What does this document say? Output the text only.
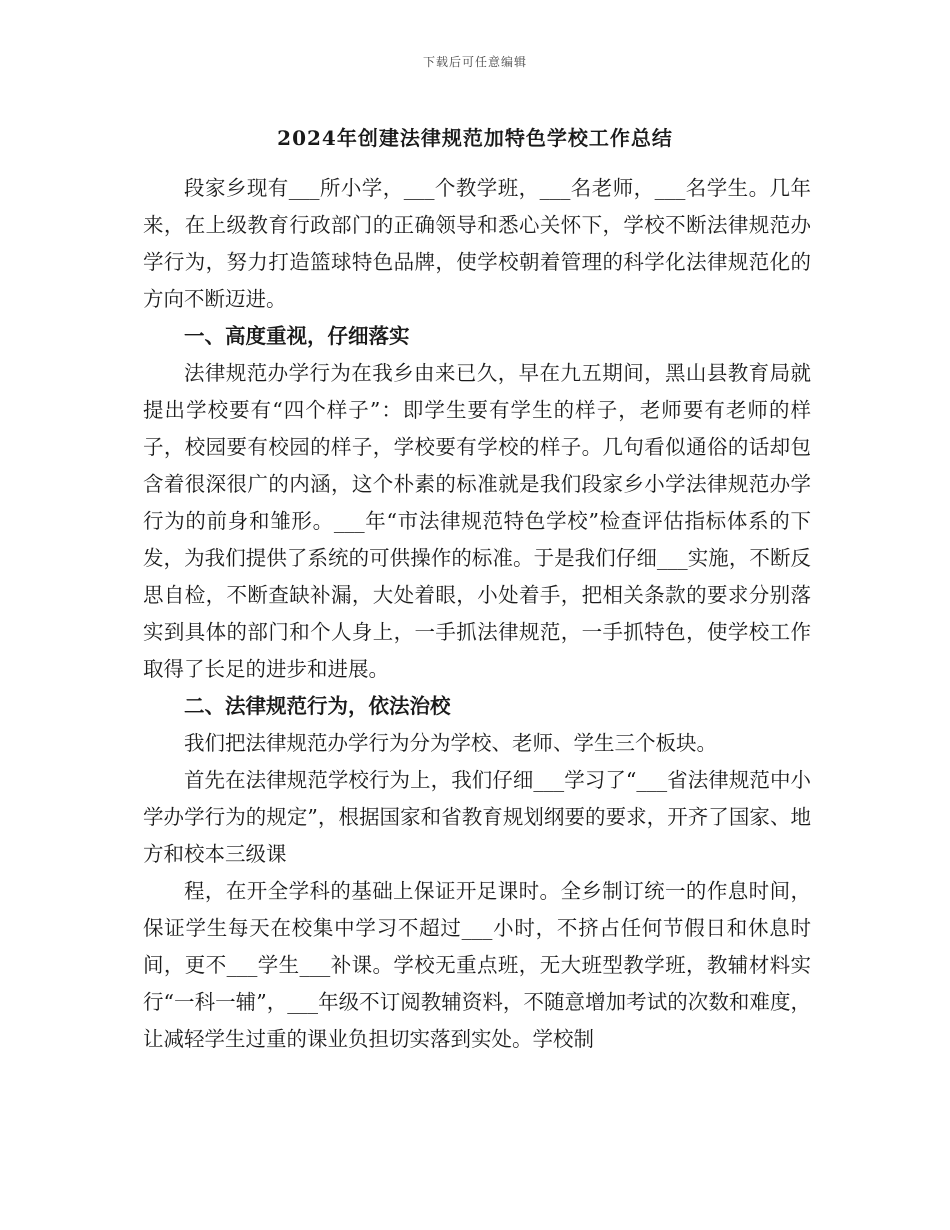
下载后可任意编辑
2024年创建法律规范加特色学校工作总结

段家乡现有___所小学，___个教学班，___名老师，___名学生。几年来，在上级教育行政部门的正确领导和悉心关怀下，学校不断法律规范办学行为，努力打造篮球特色品牌，使学校朝着管理的科学化法律规范化的方向不断迈进。

一、高度重视，仔细落实

法律规范办学行为在我乡由来已久，早在九五期间，黑山县教育局就提出学校要有“四个样子”：即学生要有学生的样子，老师要有老师的样子，校园要有校园的样子，学校要有学校的样子。几句看似通俗的话却包含着很深很广的内涵，这个朴素的标准就是我们段家乡小学法律规范办学行为的前身和雏形。___年“市法律规范特色学校”检查评估指标体系的下发，为我们提供了系统的可供操作的标准。于是我们仔细___实施，不断反思自检，不断查缺补漏，大处着眼，小处着手，把相关条款的要求分别落实到具体的部门和个人身上，一手抓法律规范，一手抓特色，使学校工作取得了长足的进步和进展。

二、法律规范行为，依法治校

我们把法律规范办学行为分为学校、老师、学生三个板块。

首先在法律规范学校行为上，我们仔细___学习了“___省法律规范中小学办学行为的规定”，根据国家和省教育规划纲要的要求，开齐了国家、地方和校本三级课

程，在开全学科的基础上保证开足课时。全乡制订统一的作息时间，保证学生每天在校集中学习不超过___小时，不挤占任何节假日和休息时间，更不___学生___补课。学校无重点班，无大班型教学班，教辅材料实行“一科一辅”，___年级不订阅教辅资料，不随意增加考试的次数和难度，让减轻学生过重的课业负担切实落到实处。学校制
